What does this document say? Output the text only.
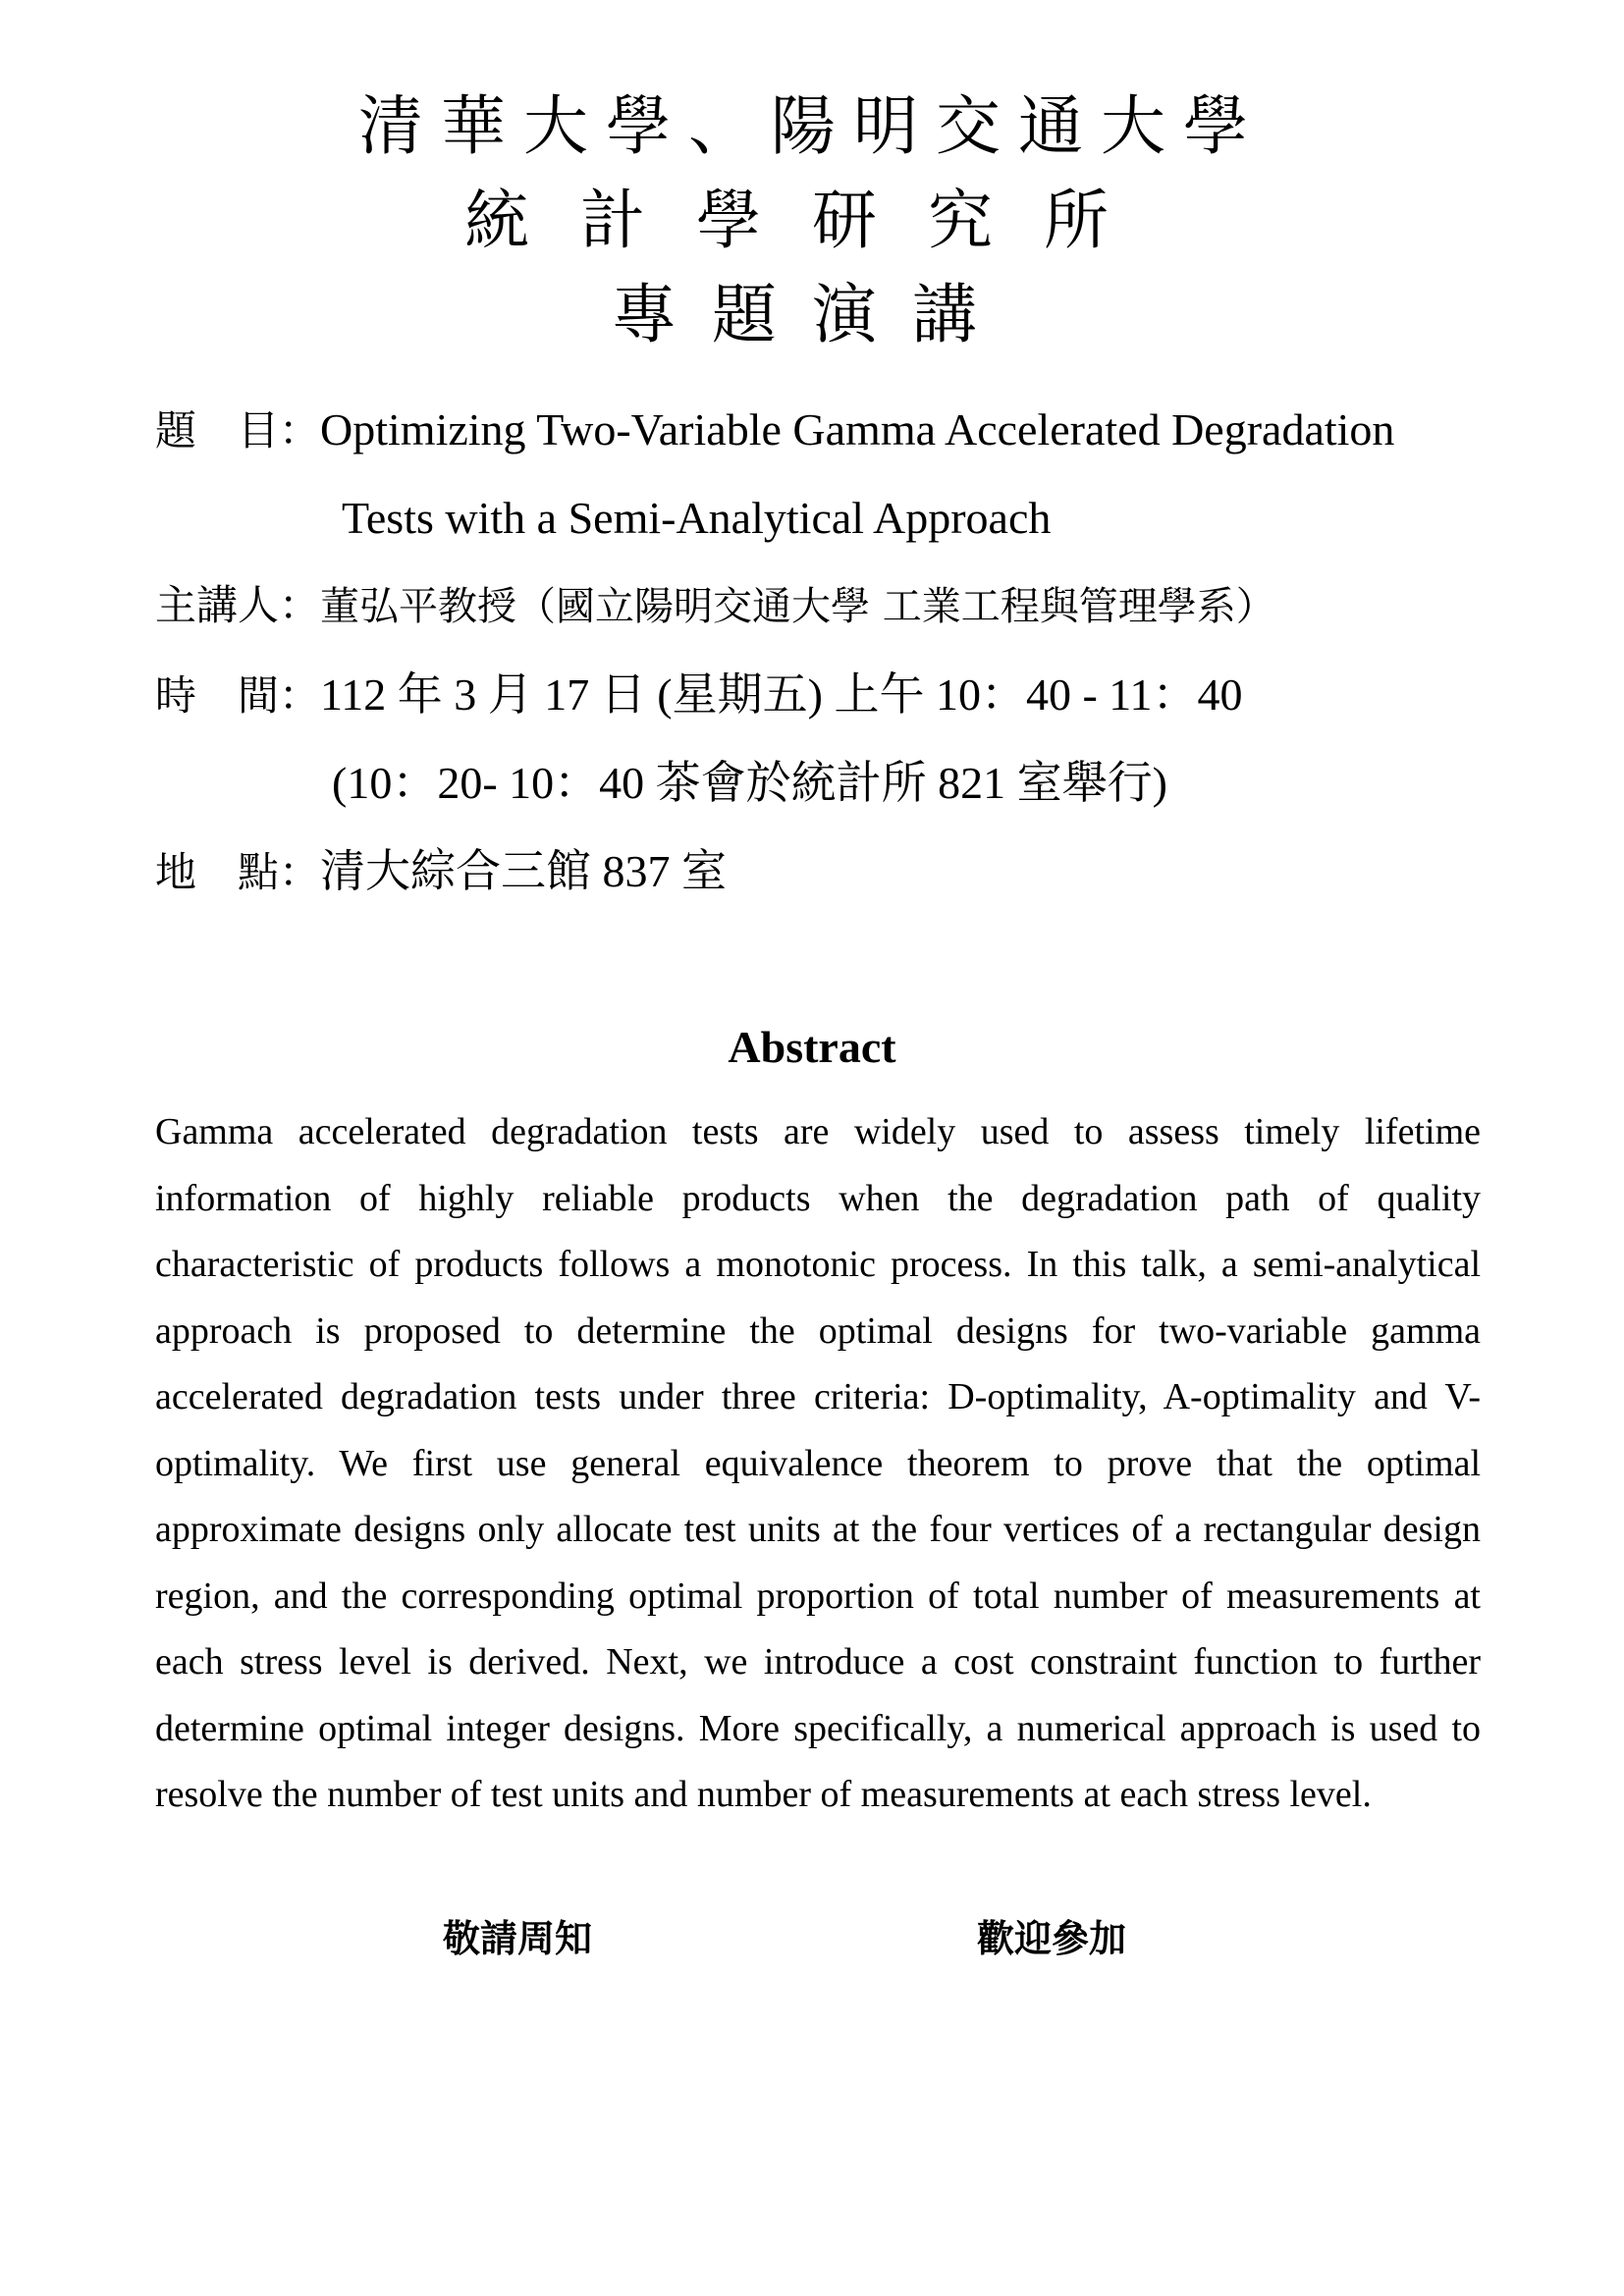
清華大學、陽明交通大學
統計學研究所
專題演講
題　目：Optimizing Two-Variable Gamma Accelerated Degradation
Tests with a Semi-Analytical Approach
主講人：董弘平教授（國立陽明交通大學 工業工程與管理學系）
時　間：112 年 3 月 17 日 (星期五) 上午 10：40 - 11：40
(10：20- 10：40 茶會於統計所 821 室舉行)
地　點：清大綜合三館 837 室
Abstract
Gamma accelerated degradation tests are widely used to assess timely lifetime information of highly reliable products when the degradation path of quality characteristic of products follows a monotonic process. In this talk, a semi-analytical approach is proposed to determine the optimal designs for two-variable gamma accelerated degradation tests under three criteria: D-optimality, A-optimality and V-optimality. We first use general equivalence theorem to prove that the optimal approximate designs only allocate test units at the four vertices of a rectangular design region, and the corresponding optimal proportion of total number of measurements at each stress level is derived. Next, we introduce a cost constraint function to further determine optimal integer designs. More specifically, a numerical approach is used to resolve the number of test units and number of measurements at each stress level.
敬請周知	歡迎參加
